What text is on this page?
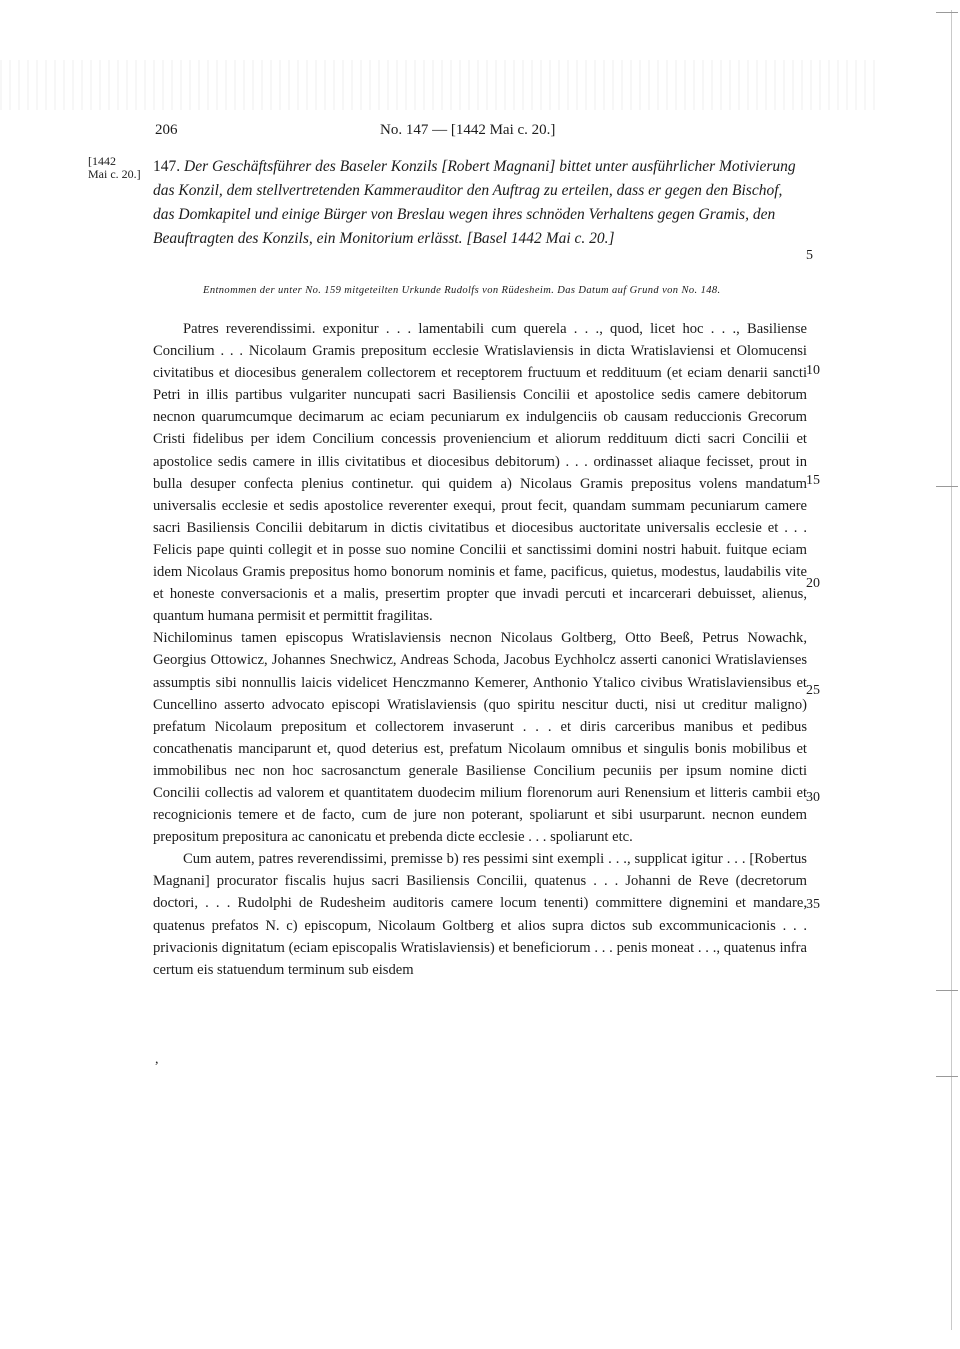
206	No. 147 — [1442 Mai c. 20.]
[1442
Mai c. 20.] 147. Der Geschäftsführer des Baseler Konzils [Robert Magnani] bittet unter ausführlicher Motivierung das Konzil, dem stellvertretenden Kammerauditor den Auftrag zu erteilen, dass er gegen den Bischof, das Domkapitel und einige Bürger von Breslau wegen ihres schnöden Verhaltens gegen Gramis, den Beauftragten des Konzils, ein Monitorium erlässt. [Basel 1442 Mai c. 20.]
Entnommen der unter No. 159 mitgeteilten Urkunde Rudolfs von Rüdesheim. Das Datum auf Grund von No. 148.

Patres reverendissimi. exponitur . . . lamentabili cum querela . . ., quod, licet hoc . . ., Basiliense Concilium . . . Nicolaum Gramis prepositum ecclesie Wratislaviensis in dicta Wratislaviensi et Olomucensi civitatibus et diocesibus generalem collectorem et receptorem fructuum et reddituum (et eciam denarii sancti Petri in illis partibus vulgariter nuncupati sacri Basiliensis Concilii et apostolice sedis camere debitorum necnon quarumcumque decimarum ac eciam pecuniarum ex indulgenciis ob causam reduccionis Grecorum Cristi fidelibus per idem Concilium concessis proveniencium et aliorum reddituum dicti sacri Concilii et apostolice sedis camere in illis civitatibus et diocesibus debitorum) . . . ordinasset aliaque fecisset, prout in bulla desuper confecta plenius continetur. qui quidem a) Nicolaus Gramis prepositus volens mandatum universalis ecclesie et sedis apostolice reverenter exequi, prout fecit, quandam summam pecuniarum camere sacri Basiliensis Concilii debitarum in dictis civitatibus et diocesibus auctoritate universalis ecclesie et . . . Felicis pape quinti collegit et in posse suo nomine Concilii et sanctissimi domini nostri habuit. fuitque eciam idem Nicolaus Gramis prepositus homo bonorum nominis et fame, pacificus, quietus, modestus, laudabilis vite et honeste conversacionis et a malis, presertim propter que invadi percuti et incarcerari debuisset, alienus, quantum humana permisit et permittit fragilitas.

Nichilominus tamen episcopus Wratislaviensis necnon Nicolaus Goltberg, Otto Beeß, Petrus Nowachk, Georgius Ottowicz, Johannes Snechwicz, Andreas Schoda, Jacobus Eychholcz asserti canonici Wratislavienses assumptis sibi nonnullis laicis videlicet Henczmanno Kemerer, Anthonio Ytalico civibus Wratislaviensibus et Cuncellino asserto advocato episcopi Wratislaviensis (quo spiritu nescitur ducti, nisi ut creditur maligno) prefatum Nicolaum prepositum et collectorem invaserunt . . . et diris carceribus manibus et pedibus concathenatis manciparunt et, quod deterius est, prefatum Nicolaum omnibus et singulis bonis mobilibus et immobilibus nec non hoc sacrosanctum generale Basiliense Concilium pecuniis per ipsum nomine dicti Concilii collectis ad valorem et quantitatem duodecim milium florenorum auri Renensium et litteris cambii et recognicionis temere et de facto, cum de jure non poterant, spoliarunt et sibi usurparunt. necnon eundem prepositum prepositura ac canonicatu et prebenda dicte ecclesie . . . spoliarunt etc.

Cum autem, patres reverendissimi, premisse b) res pessimi sint exempli . . ., supplicat igitur . . . [Robertus Magnani] procurator fiscalis hujus sacri Basiliensis Concilii, quatenus . . . Johanni de Reve (decretorum doctori, . . . Rudolphi de Rudesheim auditoris camere locum tenenti) committere dignemini et mandare, quatenus prefatos N. c) episcopum, Nicolaum Goltberg et alios supra dictos sub excommunicacionis . . . privacionis dignitatum (eciam episcopalis Wratislaviensis) et beneficiorum . . . penis moneat . . ., quatenus infra certum eis statuendum terminum sub eisdem

5
10
15
20
25
30
35
,
